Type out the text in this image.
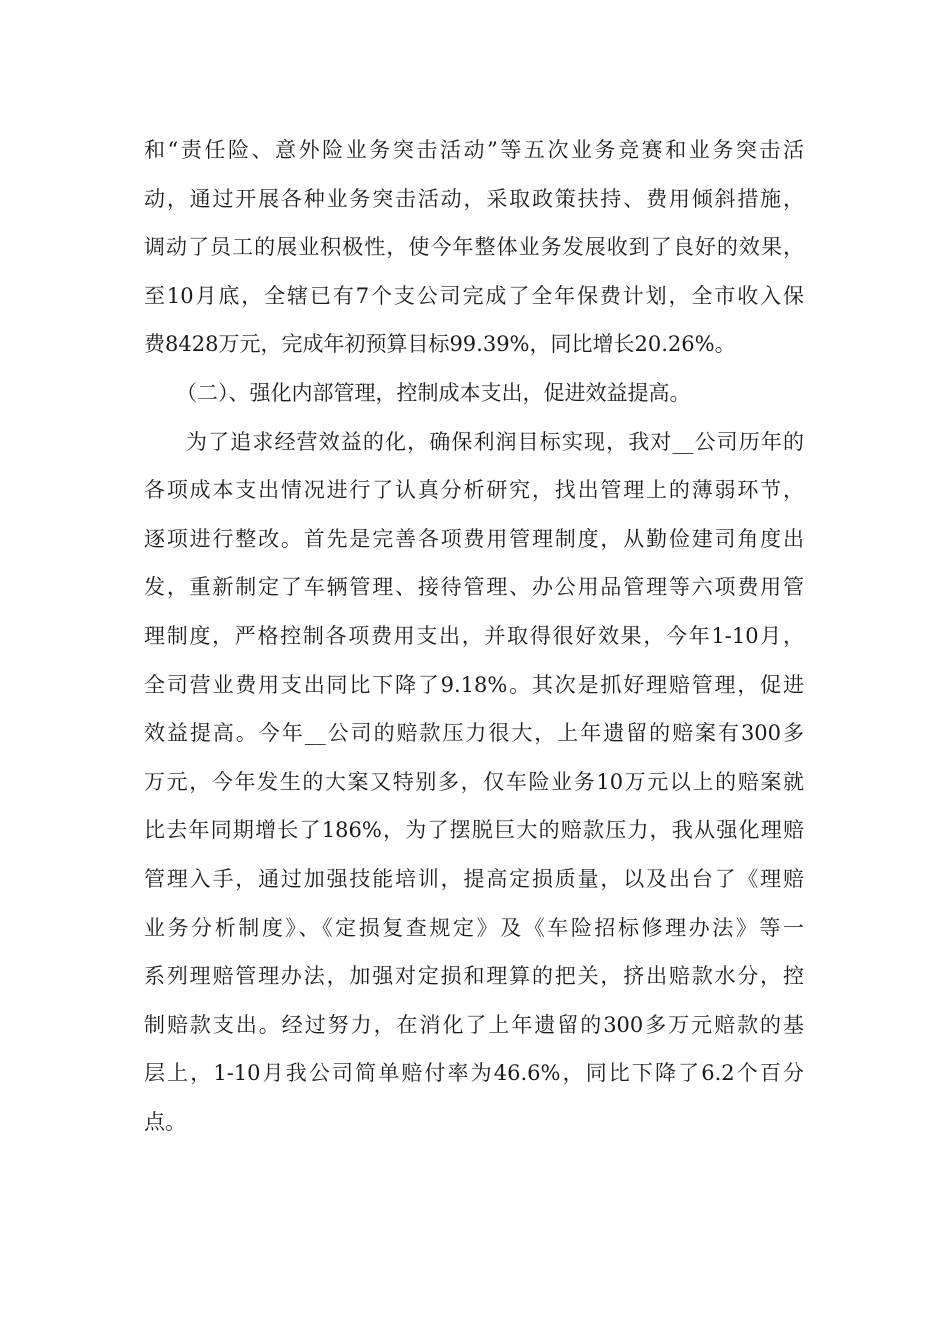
和“责任险、意外险业务突击活动”等五次业务竞赛和业务突击活
动，通过开展各种业务突击活动，采取政策扶持、费用倾斜措施，
调动了员工的展业积极性，使今年整体业务发展收到了良好的效果，
至10月底，全辖已有7个支公司完成了全年保费计划，全市收入保
费8428万元，完成年初预算目标99.39%，同比增长20.26%。
（二）、强化内部管理，控制成本支出，促进效益提高。
为了追求经营效益的化，确保利润目标实现，我对__公司历年的
各项成本支出情况进行了认真分析研究，找出管理上的薄弱环节，
逐项进行整改。首先是完善各项费用管理制度，从勤俭建司角度出
发，重新制定了车辆管理、接待管理、办公用品管理等六项费用管
理制度，严格控制各项费用支出，并取得很好效果，今年1-10月，
全司营业费用支出同比下降了9.18%。其次是抓好理赔管理，促进
效益提高。今年__公司的赔款压力很大，上年遗留的赔案有300多
万元，今年发生的大案又特别多，仅车险业务10万元以上的赔案就
比去年同期增长了186%，为了摆脱巨大的赔款压力，我从强化理赔
管理入手，通过加强技能培训，提高定损质量，以及出台了《理赔
业务分析制度》、《定损复查规定》及《车险招标修理办法》等一
系列理赔管理办法，加强对定损和理算的把关，挤出赔款水分，控
制赔款支出。经过努力，在消化了上年遗留的300多万元赔款的基
层上，1-10月我公司简单赔付率为46.6%，同比下降了6.2个百分
点。
